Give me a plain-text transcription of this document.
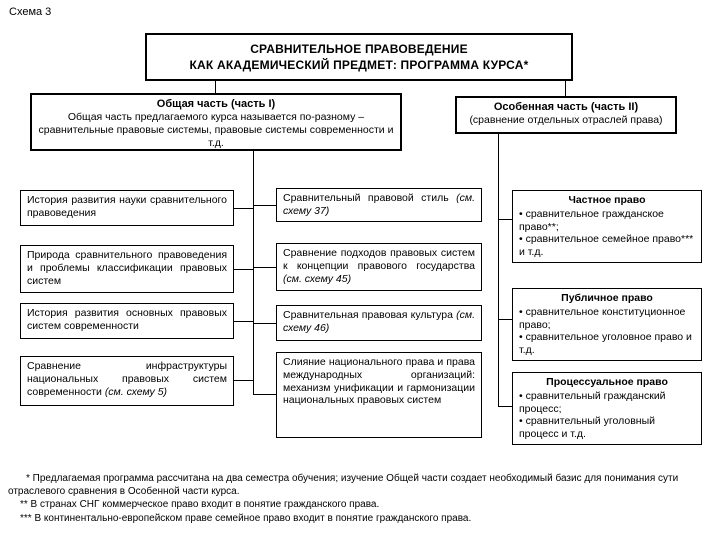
Схема 3
СРАВНИТЕЛЬНОЕ ПРАВОВЕДЕНИЕ
КАК АКАДЕМИЧЕСКИЙ ПРЕДМЕТ: ПРОГРАММА КУРСА*
Общая часть (часть I)
Общая часть предлагаемого курса называется по-разному – сравнительные правовые системы, правовые системы современности и т.д.
Особенная часть (часть II)
(сравнение отдельных отраслей права)
История развития науки сравнительного правоведения
Природа сравнительного правоведения и проблемы классификации правовых систем
История развития основных правовых систем современности
Сравнение инфраструктуры национальных правовых систем современности (см. схему 5)
Сравнительный правовой стиль (см. схему 37)
Сравнение подходов правовых систем к концепции правового государства (см. схему 45)
Сравнительная правовая культура (см. схему 46)
Слияние национального права и права международных организаций: механизм унификации и гармонизации национальных правовых систем
Частное право
• сравнительное гражданское право**;
• сравнительное семейное право*** и т.д.
Публичное право
• сравнительное конституционное право;
• сравнительное уголовное право и т.д.
Процессуальное право
• сравнительный гражданский процесс;
• сравнительный уголовный процесс и т.д.

* Предлагаемая программа рассчитана на два семестра обучения; изучение Общей части создает необходимый базис для понимания сути отраслевого сравнения в Особенной части курса.

** В странах СНГ коммерческое право входит в понятие гражданского права.

*** В континентально-европейском праве семейное право входит в понятие гражданского права.
